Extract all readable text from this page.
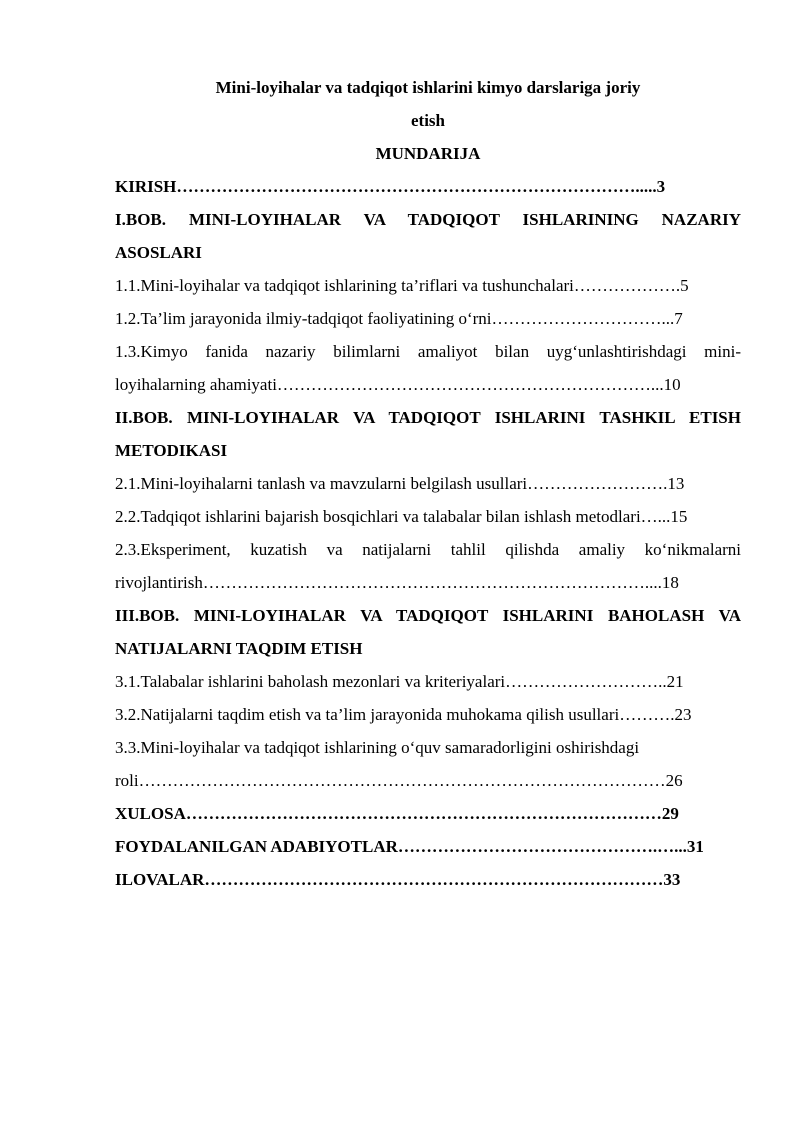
Mini-loyihalar va tadqiqot ishlarini kimyo darslariga joriy

etish

MUNDARIJA

KIRISH……………………………………………………………………….....3

I.BOB. MINI-LOYIHALAR VA TADQIQOT ISHLARINING NAZARIY

ASOSLARI

1.1.Mini-loyihalar va tadqiqot ishlarining ta’riflari va tushunchalari……………….5

1.2.Ta’lim jarayonida ilmiy-tadqiqot faoliyatining o‘rni…………………………...7

1.3.Kimyo fanida nazariy bilimlarni amaliyot bilan uyg‘unlashtirishdagi mini-

loyihalarning ahamiyati…………………………………………………………...10

II.BOB. MINI-LOYIHALAR VA TADQIQOT ISHLARINI TASHKIL ETISH

METODIKASI

2.1.Mini-loyihalarni tanlash va mavzularni belgilash usullari…………………….13

2.2.Tadqiqot ishlarini bajarish bosqichlari va talabalar bilan ishlash metodlari…...15

2.3.Eksperiment, kuzatish va natijalarni tahlil qilishda amaliy ko‘nikmalarni

rivojlantirish……………………………………………………………………....18

III.BOB. MINI-LOYIHALAR VA TADQIQOT ISHLARINI BAHOLASH VA

NATIJALARNI TAQDIM ETISH

3.1.Talabalar ishlarini baholash mezonlari va kriteriyalari………………………..21

3.2.Natijalarni taqdim etish va ta’lim jarayonida muhokama qilish usullari……….23

3.3.Mini-loyihalar va tadqiqot ishlarining o‘quv samaradorligini oshirishdagi

roli…………………………………………………………………………………26

XULOSA…………………………………………………………………………29

FOYDALANILGAN ADABIYOTLAR……………………………………….…...31

ILOVALAR………………………………………………………………………33
